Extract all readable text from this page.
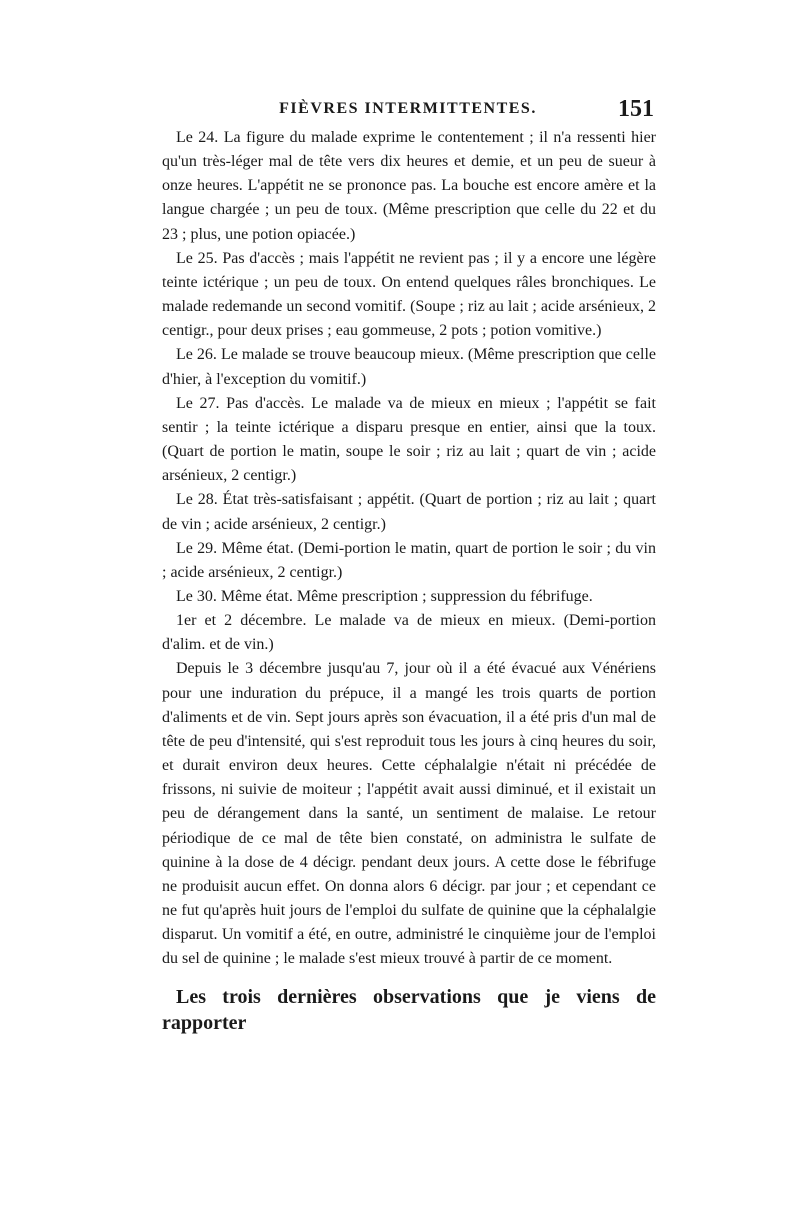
FIÈVRES INTERMITTENTES.	151

Le 24. La figure du malade exprime le contentement ; il n'a ressenti hier qu'un très-léger mal de tête vers dix heures et demie, et un peu de sueur à onze heures. L'appétit ne se prononce pas. La bouche est encore amère et la langue chargée ; un peu de toux. (Même prescription que celle du 22 et du 23 ; plus, une potion opiacée.)

Le 25. Pas d'accès ; mais l'appétit ne revient pas ; il y a encore une légère teinte ictérique ; un peu de toux. On entend quelques râles bronchiques. Le malade redemande un second vomitif. (Soupe ; riz au lait ; acide arsénieux, 2 centigr., pour deux prises ; eau gommeuse, 2 pots ; potion vomitive.)

Le 26. Le malade se trouve beaucoup mieux. (Même prescription que celle d'hier, à l'exception du vomitif.)

Le 27. Pas d'accès. Le malade va de mieux en mieux ; l'appétit se fait sentir ; la teinte ictérique a disparu presque en entier, ainsi que la toux. (Quart de portion le matin, soupe le soir ; riz au lait ; quart de vin ; acide arsénieux, 2 centigr.)

Le 28. État très-satisfaisant ; appétit. (Quart de portion ; riz au lait ; quart de vin ; acide arsénieux, 2 centigr.)

Le 29. Même état. (Demi-portion le matin, quart de portion le soir ; du vin ; acide arsénieux, 2 centigr.)

Le 30. Même état. Même prescription ; suppression du fébrifuge.

1er et 2 décembre. Le malade va de mieux en mieux. (Demi-portion d'alim. et de vin.)

Depuis le 3 décembre jusqu'au 7, jour où il a été évacué aux Vénériens pour une induration du prépuce, il a mangé les trois quarts de portion d'aliments et de vin. Sept jours après son évacuation, il a été pris d'un mal de tête de peu d'intensité, qui s'est reproduit tous les jours à cinq heures du soir, et durait environ deux heures. Cette céphalalgie n'était ni précédée de frissons, ni suivie de moiteur ; l'appétit avait aussi diminué, et il existait un peu de dérangement dans la santé, un sentiment de malaise. Le retour périodique de ce mal de tête bien constaté, on administra le sulfate de quinine à la dose de 4 décigr. pendant deux jours. A cette dose le fébrifuge ne produisit aucun effet. On donna alors 6 décigr. par jour ; et cependant ce ne fut qu'après huit jours de l'emploi du sulfate de quinine que la céphalalgie disparut. Un vomitif a été, en outre, administré le cinquième jour de l'emploi du sel de quinine ; le malade s'est mieux trouvé à partir de ce moment.

Les trois dernières observations que je viens de rapporter
